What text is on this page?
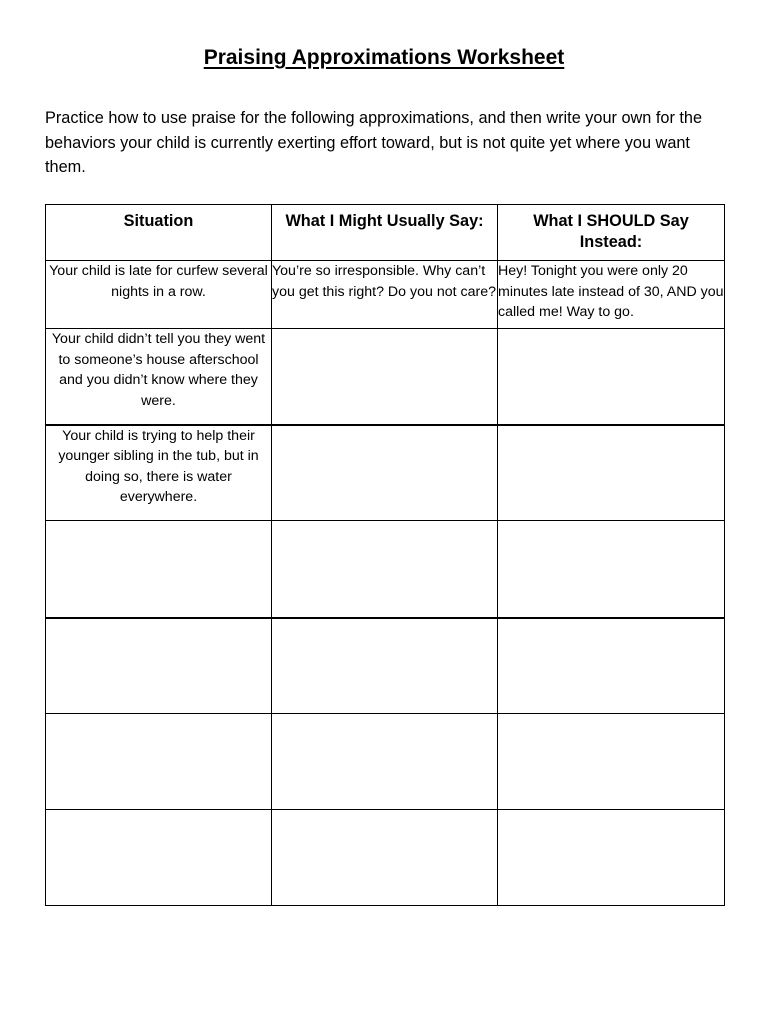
Praising Approximations Worksheet

Practice how to use praise for the following approximations, and then write your own for the behaviors your child is currently exerting effort toward, but is not quite yet where you want them.

Situation	What I Might Usually Say:	What I SHOULD Say Instead:
Your child is late for curfew several nights in a row.	You’re so irresponsible. Why can’t you get this right? Do you not care?	Hey! Tonight you were only 20 minutes late instead of 30, AND you called me! Way to go.
Your child didn’t tell you they went to someone’s house afterschool and you didn’t know where they were.		
Your child is trying to help their younger sibling in the tub, but in doing so, there is water everywhere.		
